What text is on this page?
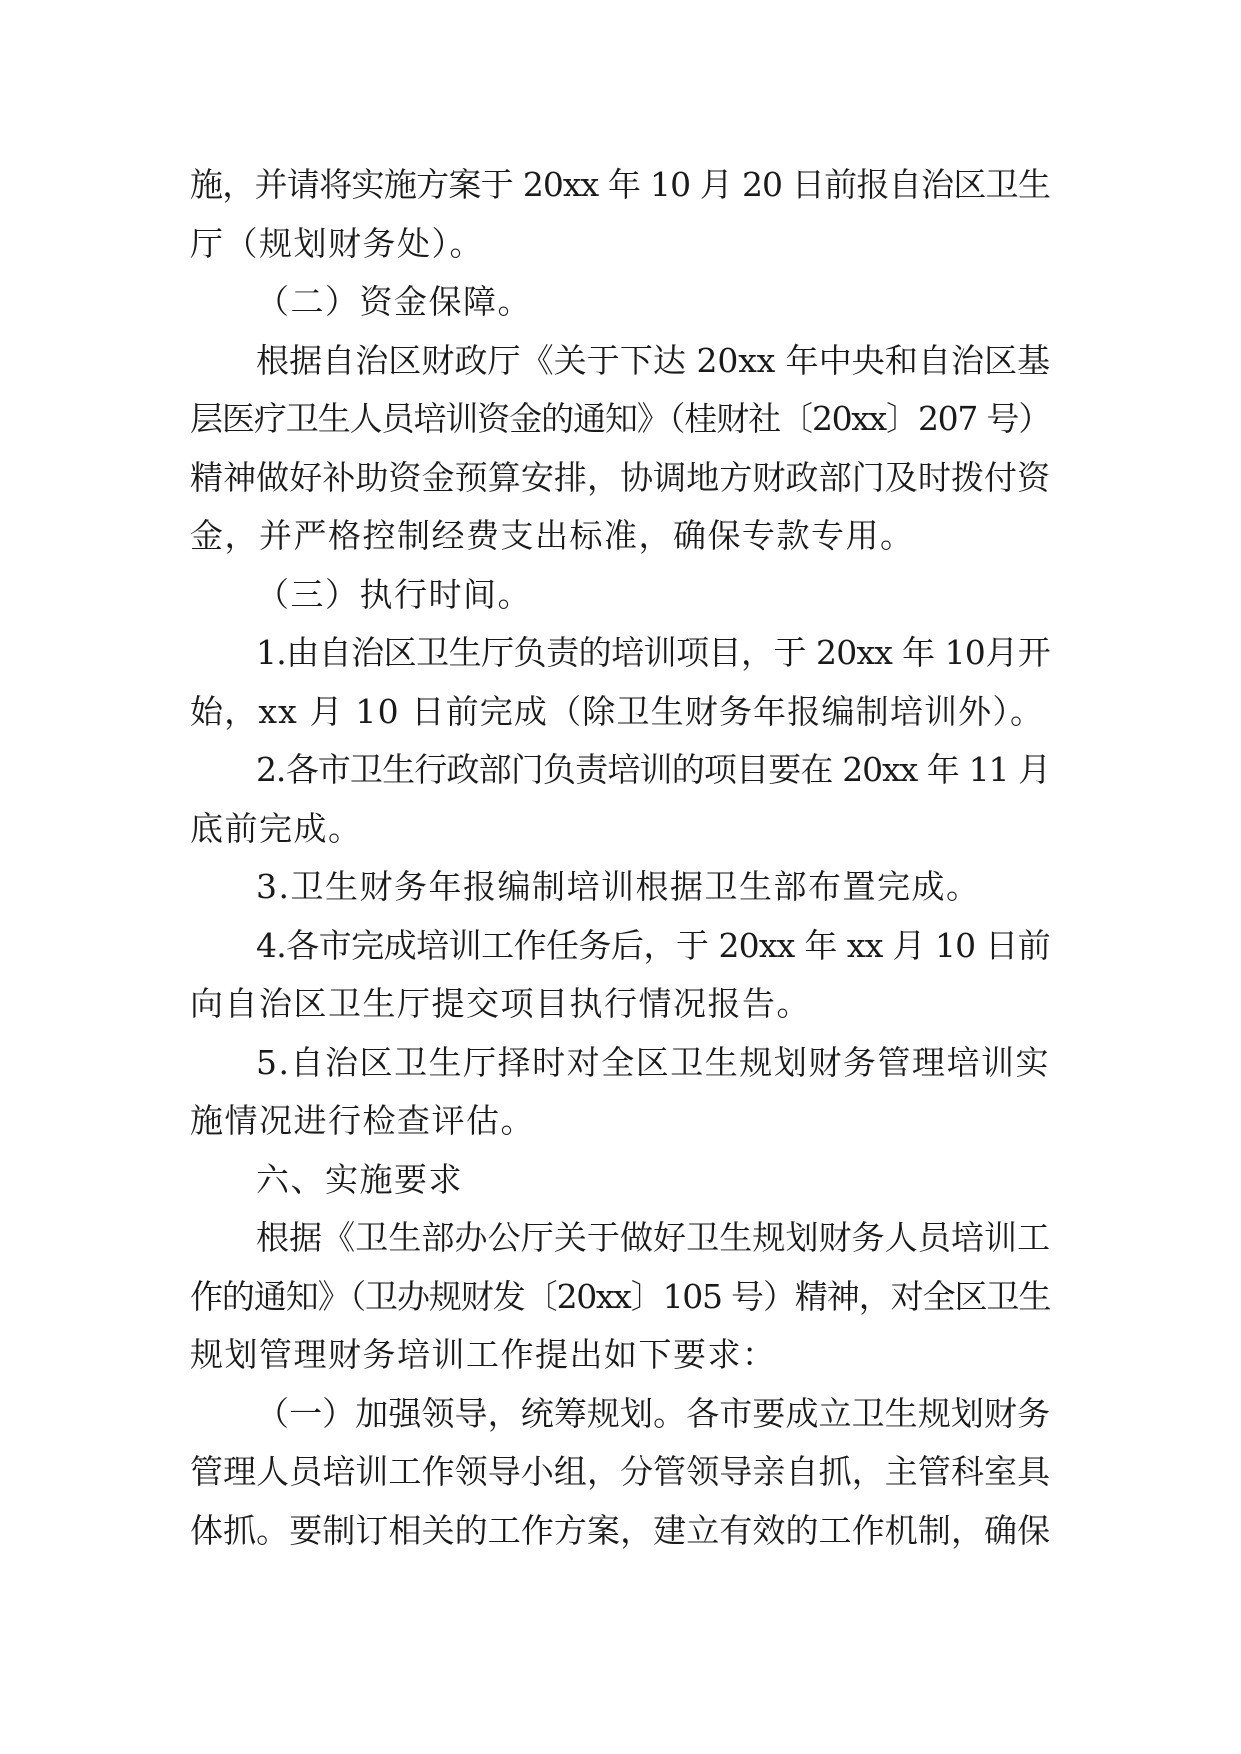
施，并请将实施方案于 20xx 年 10 月 20 日前报自治区卫生
厅（规划财务处）。
（二）资金保障。
根据自治区财政厅《关于下达 20xx 年中央和自治区基
层医疗卫生人员培训资金的通知》（桂财社〔20xx〕207 号）
精神做好补助资金预算安排，协调地方财政部门及时拨付资
金，并严格控制经费支出标准，确保专款专用。
（三）执行时间。
1.由自治区卫生厅负责的培训项目，于 20xx 年 10月开
始，xx 月 10 日前完成（除卫生财务年报编制培训外）。
2.各市卫生行政部门负责培训的项目要在 20xx 年 11 月
底前完成。
3.卫生财务年报编制培训根据卫生部布置完成。
4.各市完成培训工作任务后，于 20xx 年 xx 月 10 日前
向自治区卫生厅提交项目执行情况报告。
5.自治区卫生厅择时对全区卫生规划财务管理培训实
施情况进行检查评估。
六、实施要求
根据《卫生部办公厅关于做好卫生规划财务人员培训工
作的通知》（卫办规财发〔20xx〕105 号）精神，对全区卫生
规划管理财务培训工作提出如下要求：
（一）加强领导，统筹规划。各市要成立卫生规划财务
管理人员培训工作领导小组，分管领导亲自抓，主管科室具
体抓。要制订相关的工作方案，建立有效的工作机制，确保
